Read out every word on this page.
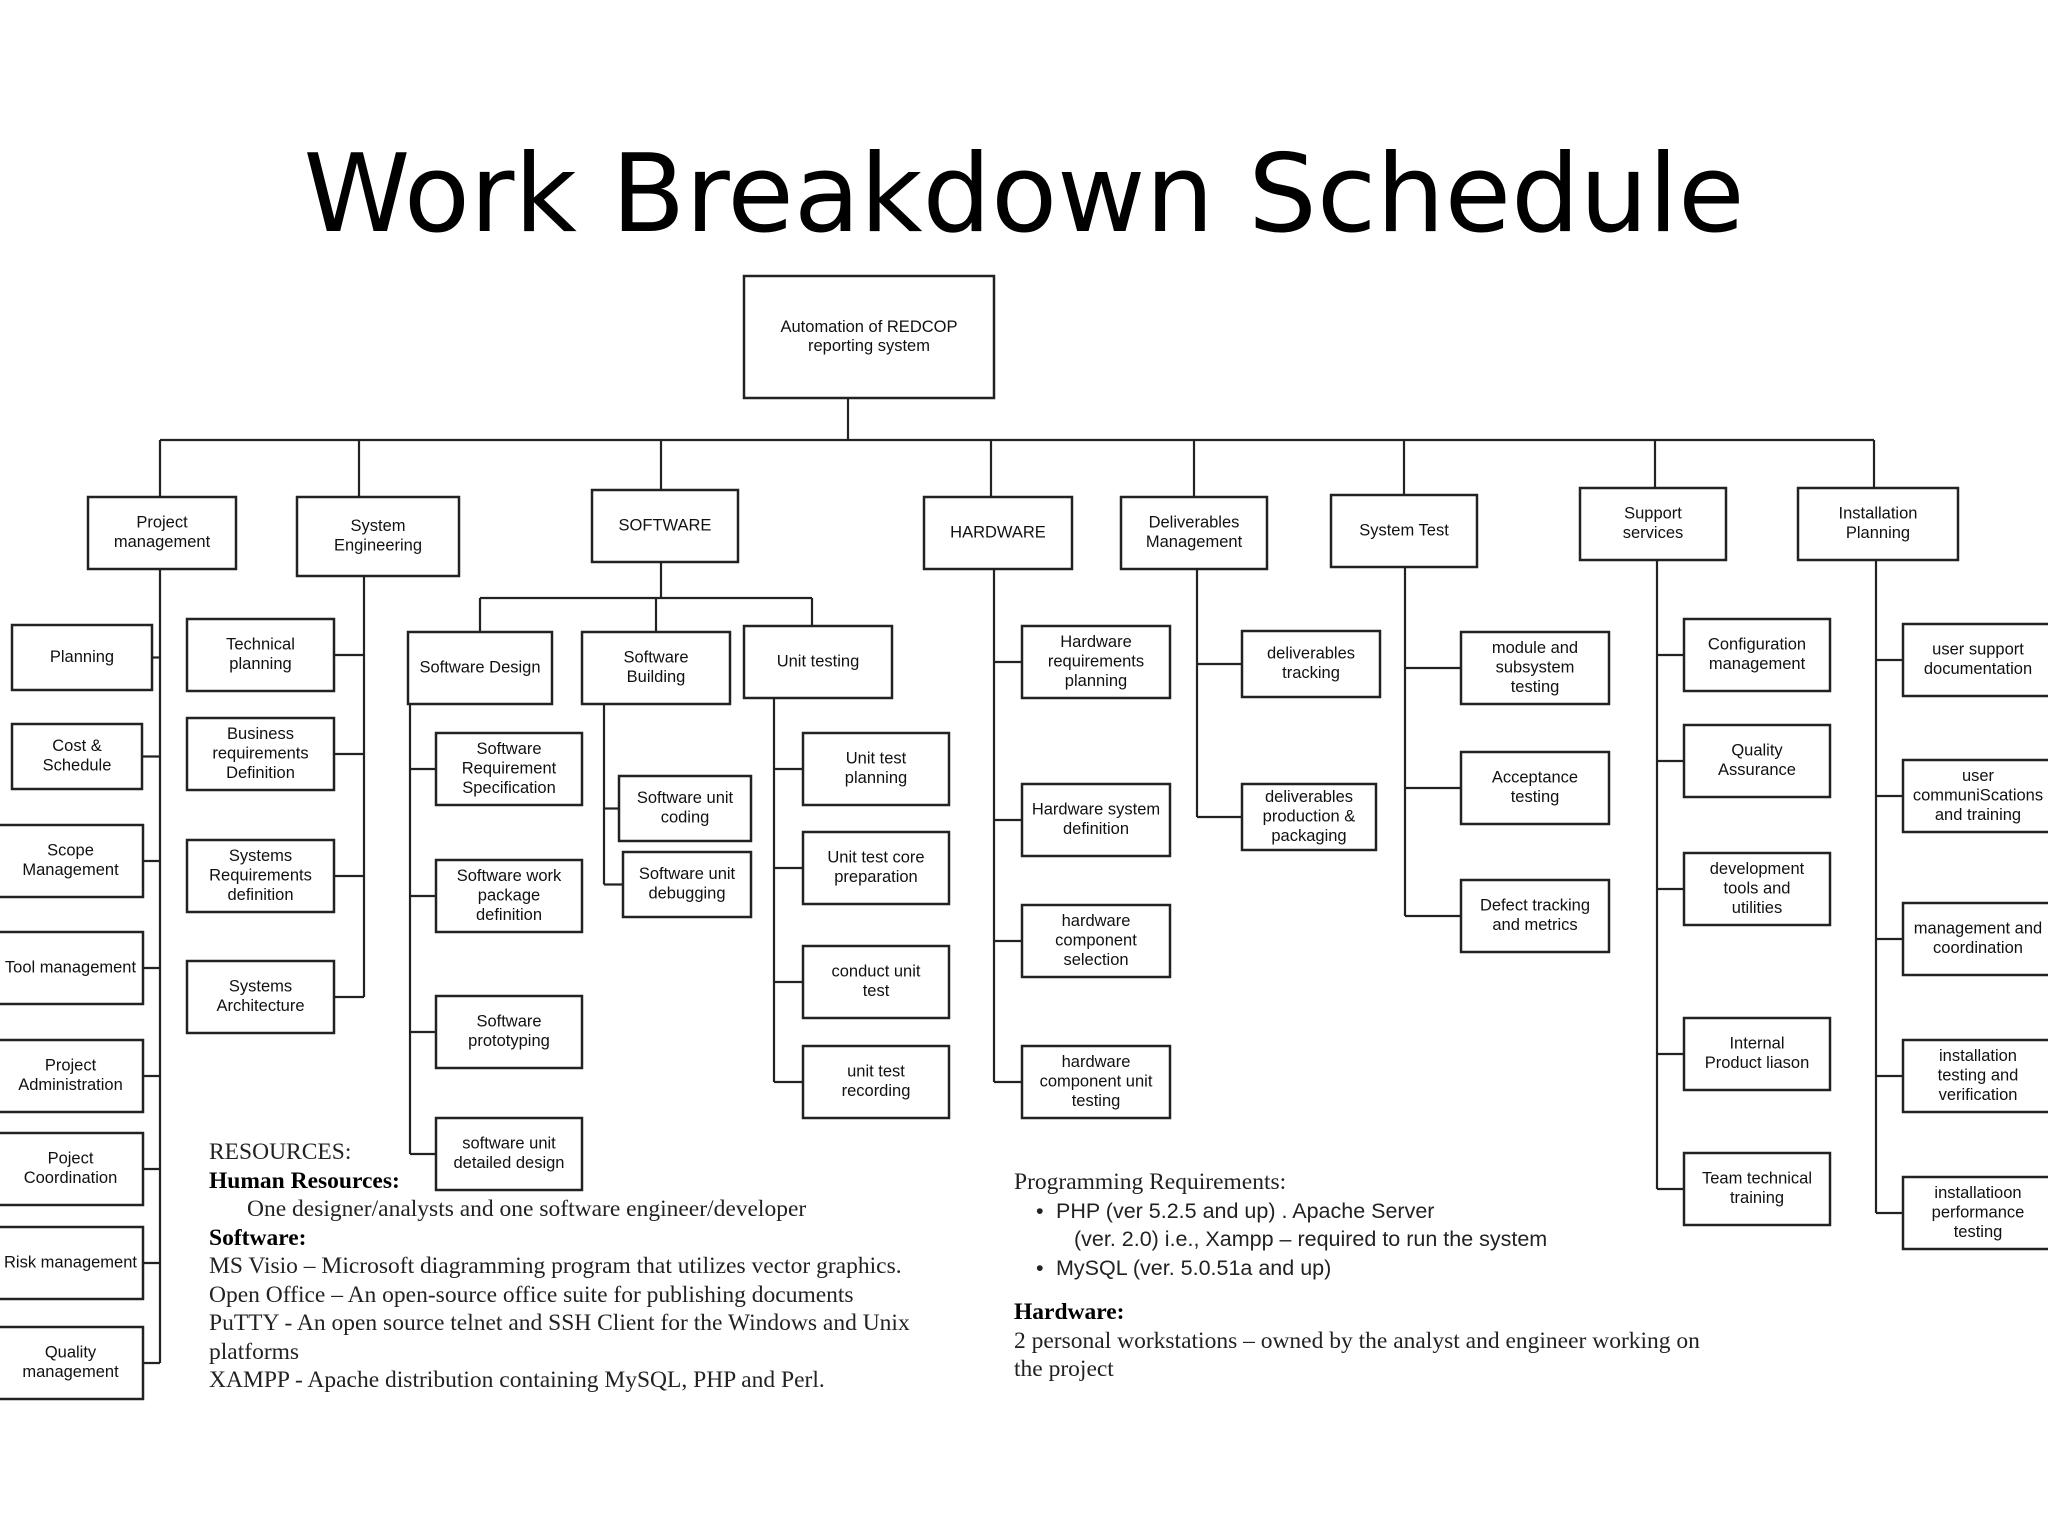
Work Breakdown Schedule
Automation of REDCOP
reporting system
Project
management
System
Engineering
SOFTWARE	HARDWARE
Deliverables
Management
System Test
Support
services
Installation
Planning
Planning
Cost &
Schedule
Scope
Management
Tool management
Project
Administration
Poject
Coordination
Risk management
Quality
management
Technical
planning
Business
requirements
Definition
Systems
Requirements
definition
Systems
Architecture
Software Design
Software
Building
Unit testing
Software
Requirement
Specification
Software work
package
definition
Software
prototyping
software unit
detailed design
Software unit
coding
Software unit
debugging
Unit test
planning
Unit test core
preparation
conduct unit
test
unit test
recording
Hardware
requirements
planning
Hardware system
definition
hardware
component
selection
hardware
component unit
testing
deliverables
tracking
deliverables
production &
packaging
module and
subsystem
testing
Acceptance
testing
Defect tracking
and metrics
Configuration
management
Quality
Assurance
development
tools and
utilities
Internal
Product liason
Team technical
training
user support
documentation
user
communiScations
and training
management and
coordination
installation
testing and
verification
installatioon
performance
testing
RESOURCES:
Human Resources:
One designer/analysts and one software engineer/developer
Software:
MS Visio – Microsoft diagramming program that utilizes vector graphics.
Open Office – An open-source office suite for publishing documents
PuTTY - An open source telnet and SSH Client for the Windows and Unix platforms
XAMPP - Apache distribution containing MySQL, PHP and Perl.
Programming Requirements:
• PHP (ver 5.2.5 and up) . Apache Server
(ver. 2.0) i.e., Xampp – required to run the system
• MySQL (ver. 5.0.51a and up)
Hardware:
2 personal workstations – owned by the analyst and engineer working on the project
